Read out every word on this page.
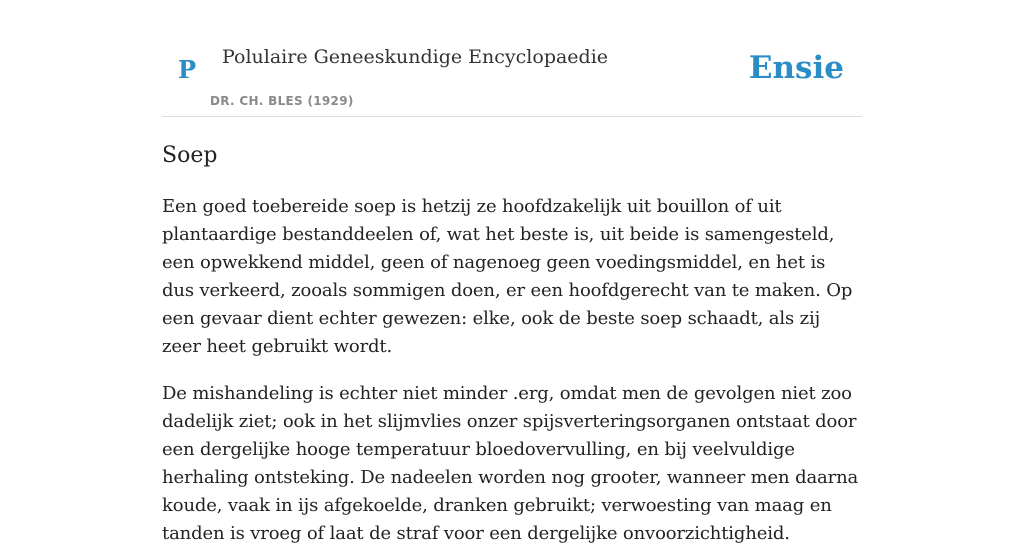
P Polulaire Geneeskundige Encyclopaedie
DR. CH. BLES (1929)
Ensie
Soep

Een goed toebereide soep is hetzij ze hoofdzakelijk uit bouillon of uit plantaardige bestanddeelen of, wat het beste is, uit beide is samengesteld, een opwekkend middel, geen of nagenoeg geen voedingsmiddel, en het is dus verkeerd, zooals sommigen doen, er een hoofdgerecht van te maken. Op een gevaar dient echter gewezen: elke, ook de beste soep schaadt, als zij zeer heet gebruikt wordt.

De mishandeling is echter niet minder .erg, omdat men de gevolgen niet zoo dadelijk ziet; ook in het slijmvlies onzer spijsverteringsorganen ontstaat door een dergelijke hooge temperatuur bloedovervulling, en bij veelvuldige herhaling ontsteking. De nadeelen worden nog grooter, wanneer men daarna koude, vaak in ijs afgekoelde, dranken gebruikt; verwoesting van maag en tanden is vroeg of laat de straf voor een dergelijke onvoorzichtigheid.
